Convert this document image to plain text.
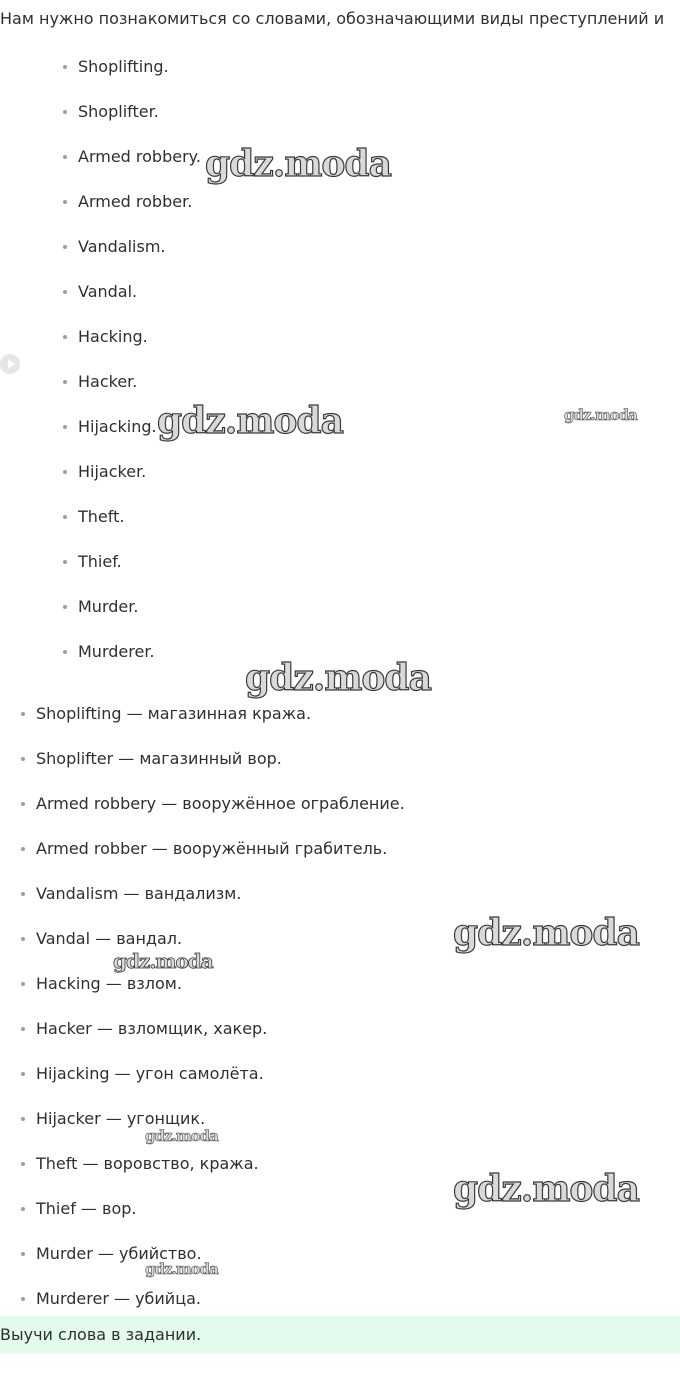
Нам нужно познакомиться со словами, обозначающими виды преступлений и
Shoplifting.
Shoplifter.
Armed robbery.
Armed robber.
Vandalism.
Vandal.
Hacking.
Hacker.
Hijacking.
Hijacker.
Theft.
Thief.
Murder.
Murderer.
Shoplifting — магазинная кража.
Shoplifter — магазинный вор.
Armed robbery — вооружённое ограбление.
Armed robber — вооружённый грабитель.
Vandalism — вандализм.
Vandal — вандал.
Hacking — взлом.
Hacker — взломщик, хакер.
Hijacking — угон самолёта.
Hijacker — угонщик.
Theft — воровство, кража.
Thief — вор.
Murder — убийство.
Murderer — убийца.
gdz.moda
gdz.moda	gdz.moda
gdz.moda
gdz.moda
gdz.moda
gdz.moda
gdz.moda
gdz.moda
Выучи слова в задании.
